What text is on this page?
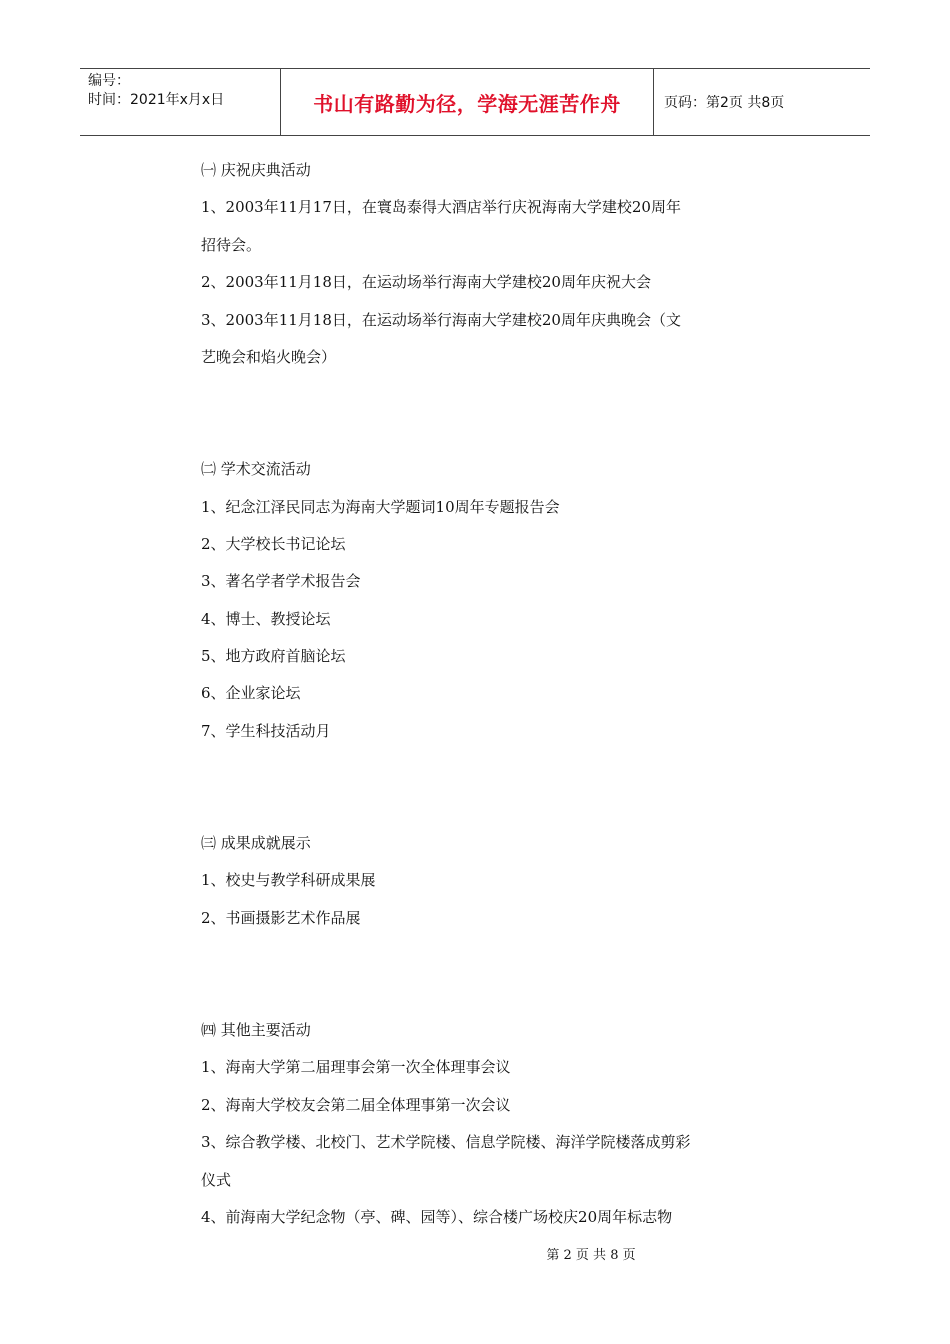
编号：
时间：2021年x月x日	书山有路勤为径，学海无涯苦作舟	页码：第2页 共8页
㈠ 庆祝庆典活动
1、2003年11月17日，在寰岛泰得大酒店举行庆祝海南大学建校20周年
招待会。
2、2003年11月18日，在运动场举行海南大学建校20周年庆祝大会
3、2003年11月18日，在运动场举行海南大学建校20周年庆典晚会（文
艺晚会和焰火晚会）
㈡ 学术交流活动
1、纪念江泽民同志为海南大学题词10周年专题报告会
2、大学校长书记论坛
3、著名学者学术报告会
4、博士、教授论坛
5、地方政府首脑论坛
6、企业家论坛
7、学生科技活动月
㈢ 成果成就展示
1、校史与教学科研成果展
2、书画摄影艺术作品展
㈣ 其他主要活动
1、海南大学第二届理事会第一次全体理事会议
2、海南大学校友会第二届全体理事第一次会议
3、综合教学楼、北校门、艺术学院楼、信息学院楼、海洋学院楼落成剪彩
仪式
4、前海南大学纪念物（亭、碑、园等）、综合楼广场校庆20周年标志物
第 2 页 共 8 页
